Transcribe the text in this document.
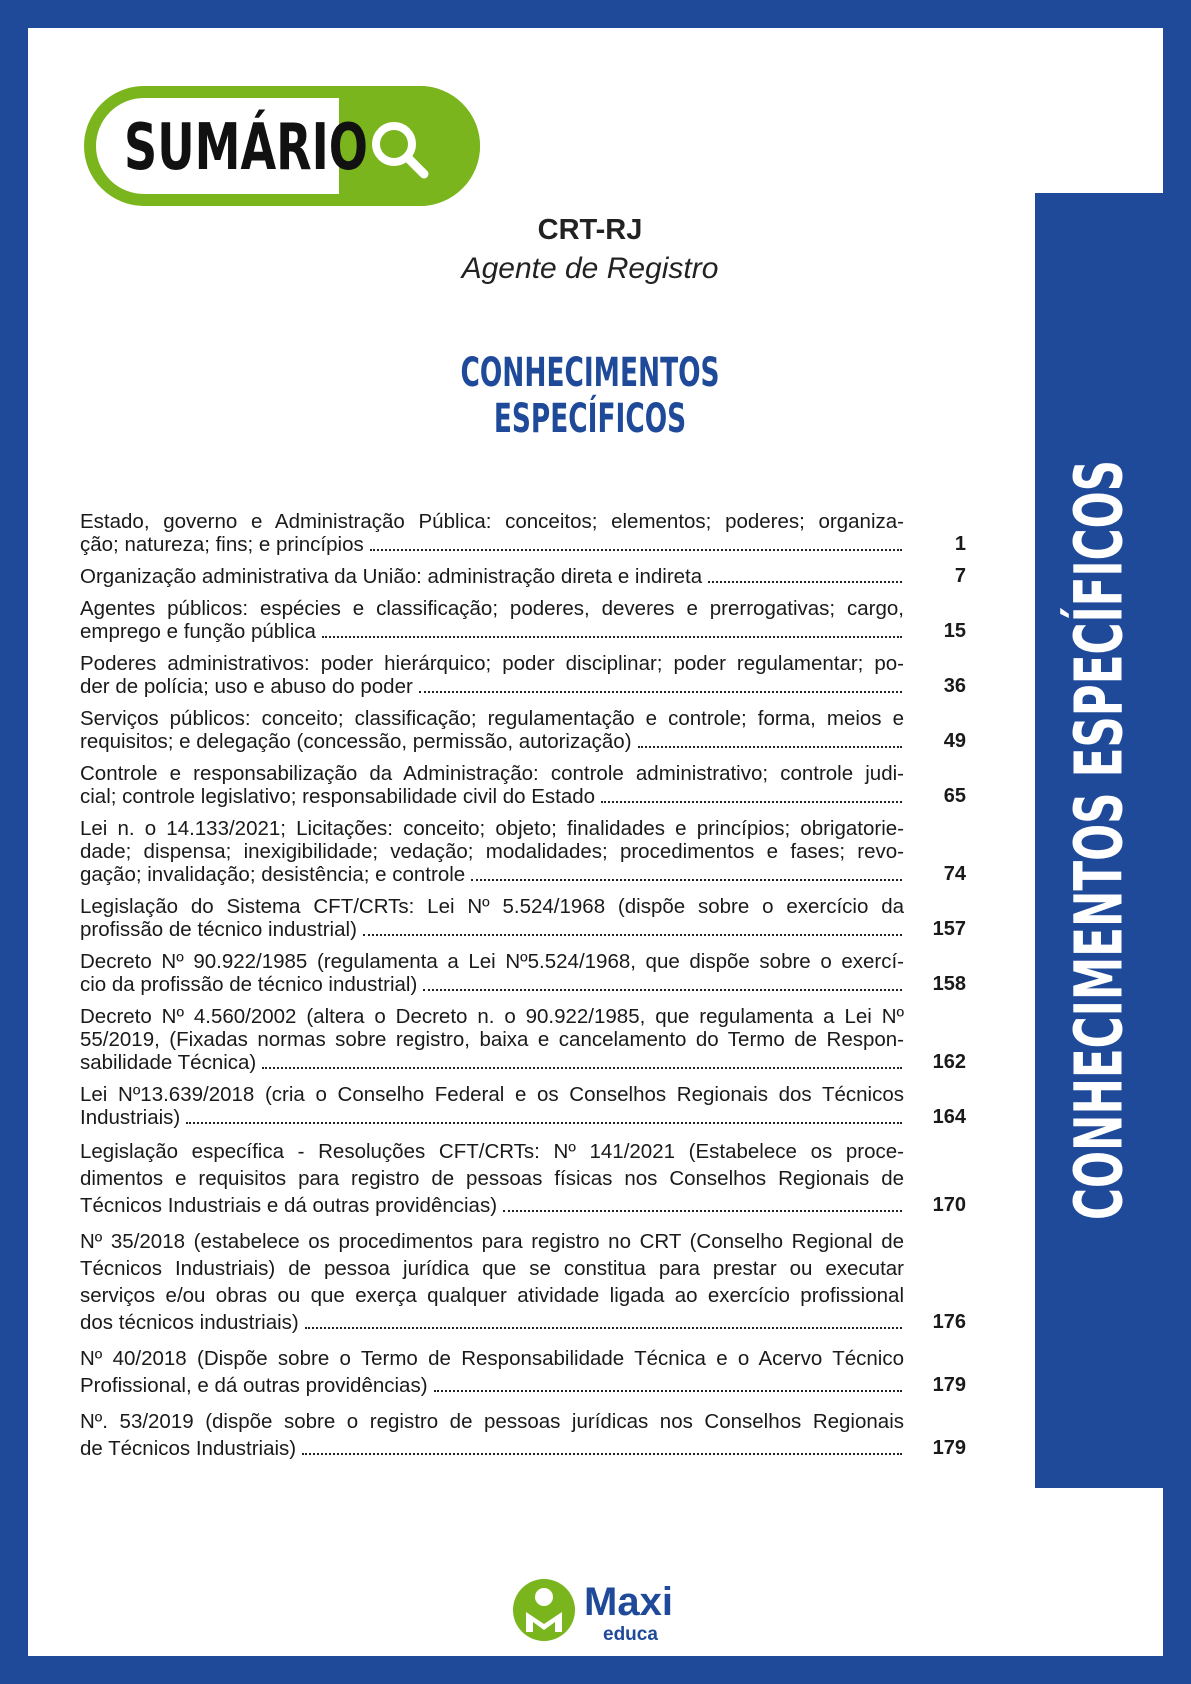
CONHECIMENTOS ESPECÍFICOS
SUMÁRIO
CRT-RJ
Agente de Registro
CONHECIMENTOS ESPECÍFICOS
Estado, governo e Administração Pública: conceitos; elementos; poderes; organiza-
ção; natureza; fins; e princípios	1
Organização administrativa da União: administração direta e indireta	7
Agentes públicos: espécies e classificação; poderes, deveres e prerrogativas; cargo,
emprego e função pública	15
Poderes administrativos: poder hierárquico; poder disciplinar; poder regulamentar; po-
der de polícia; uso e abuso do poder	36
Serviços públicos: conceito; classificação; regulamentação e controle; forma, meios e
requisitos; e delegação (concessão, permissão, autorização)	49
Controle e responsabilização da Administração: controle administrativo; controle judi-
cial; controle legislativo; responsabilidade civil do Estado	65
Lei n. o 14.133/2021; Licitações: conceito; objeto; finalidades e princípios; obrigatorie- dade; dispensa; inexigibilidade; vedação; modalidades; procedimentos e fases; revo-
gação; invalidação; desistência; e controle	74
Legislação do Sistema CFT/CRTs: Lei Nº 5.524/1968 (dispõe sobre o exercício da
profissão de técnico industrial)	157
Decreto Nº 90.922/1985 (regulamenta a Lei Nº5.524/1968, que dispõe sobre o exercí-
cio da profissão de técnico industrial)	158
Decreto Nº 4.560/2002 (altera o Decreto n. o 90.922/1985, que regulamenta a Lei Nº 55/2019, (Fixadas normas sobre registro, baixa e cancelamento do Termo de Respon-
sabilidade Técnica)	162
Lei Nº13.639/2018 (cria o Conselho Federal e os Conselhos Regionais dos Técnicos
Industriais)	164
Legislação específica - Resoluções CFT/CRTs: Nº 141/2021 (Estabelece os proce- dimentos e requisitos para registro de pessoas físicas nos Conselhos Regionais de
Técnicos Industriais e dá outras providências)	170
Nº 35/2018 (estabelece os procedimentos para registro no CRT (Conselho Regional de Técnicos Industriais) de pessoa jurídica que se constitua para prestar ou executar serviços e/ou obras ou que exerça qualquer atividade ligada ao exercício profissional
dos técnicos industriais)	176
Nº 40/2018 (Dispõe sobre o Termo de Responsabilidade Técnica e o Acervo Técnico
Profissional, e dá outras providências)	179
Nº. 53/2019 (dispõe sobre o registro de pessoas jurídicas nos Conselhos Regionais
de Técnicos Industriais)	179
Maxi
educa
